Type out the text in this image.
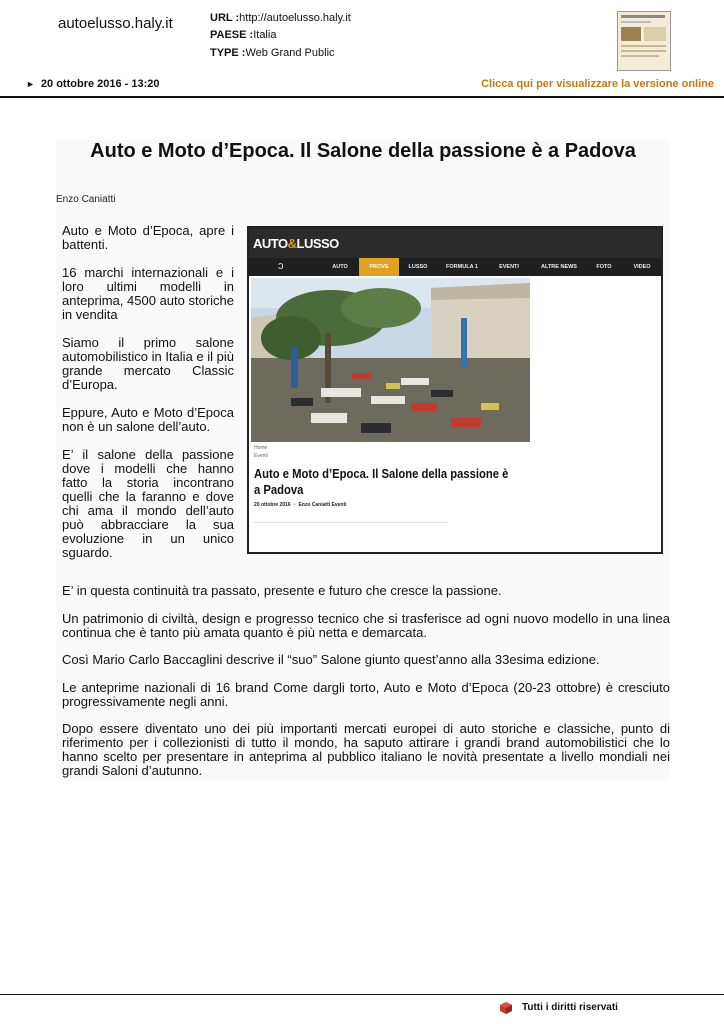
autoelusso.haly.it	URL :http://autoelusso.haly.it
PAESE :Italia
TYPE :Web Grand Public
► 20 ottobre 2016 - 13:20	Clicca qui per visualizzare la versione online
Auto e Moto d’Epoca. Il Salone della passione è a Padova
Enzo Caniatti

Auto e Moto d’Epoca, apre i battenti.

16 marchi internazionali e i loro ultimi modelli in anteprima, 4500 auto storiche in vendita

Siamo il primo salone automobilistico in Italia e il più grande mercato Classic d’Europa.

Eppure, Auto e Moto d’Epoca non è un salone dell’auto.

E’ il salone della passione dove i modelli che hanno fatto la storia incontrano quelli che la faranno e dove chi ama il mondo dell’auto può abbracciare la sua evoluzione in un unico sguardo.

AUTO&LUSSO
ᴐ	AUTO	PROVE	LUSSO	FORMULA 1	EVENTI	ALTRE NEWS	FOTO	VIDEO
Home
Eventi
Auto e Moto d’Epoca. Il Salone della passione è a Padova
20 ottobre 2016 • Enzo Caniatti Eventi

E’ in questa continuità tra passato, presente e futuro che cresce la passione.

Un patrimonio di civiltà, design e progresso tecnico che si trasferisce ad ogni nuovo modello in una linea continua che è tanto più amata quanto è più netta e demarcata.

Così Mario Carlo Baccaglini descrive il “suo” Salone giunto quest’anno alla 33esima edizione.

Le anteprime nazionali di 16 brand Come dargli torto, Auto e Moto d’Epoca (20-23 ottobre) è cresciuto progressivamente negli anni.

Dopo essere diventato uno dei più importanti mercati europei di auto storiche e classiche, punto di riferimento per i collezionisti di tutto il mondo, ha saputo attirare i grandi brand automobilistici che lo hanno scelto per presentare in anteprima al pubblico italiano le novità presentate a livello mondiali nei grandi Saloni d’autunno.

Tutti i diritti riservati
